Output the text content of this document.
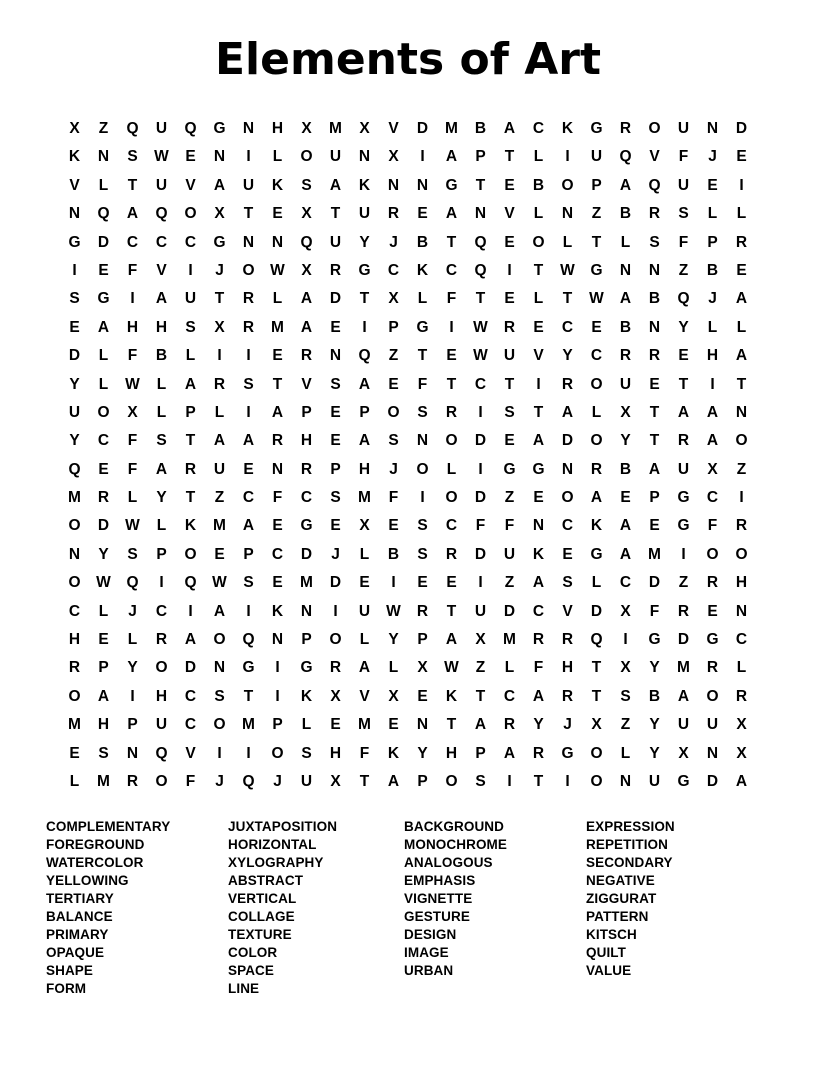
Elements of Art
X	Z	Q	U	Q	G	N	H	X	M	X	V	D	M	B	A	C	K	G	R	O	U	N	D
K	N	S	W	E	N	I	L	O	U	N	X	I	A	P	T	L	I	U	Q	V	F	J	E
V	L	T	U	V	A	U	K	S	A	K	N	N	G	T	E	B	O	P	A	Q	U	E	I
N	Q	A	Q	O	X	T	E	X	T	U	R	E	A	N	V	L	N	Z	B	R	S	L	L
G	D	C	C	C	G	N	N	Q	U	Y	J	B	T	Q	E	O	L	T	L	S	F	P	R
I	E	F	V	I	J	O	W	X	R	G	C	K	C	Q	I	T	W	G	N	N	Z	B	E
S	G	I	A	U	T	R	L	A	D	T	X	L	F	T	E	L	T	W	A	B	Q	J	A
E	A	H	H	S	X	R	M	A	E	I	P	G	I	W	R	E	C	E	B	N	Y	L	L
D	L	F	B	L	I	I	E	R	N	Q	Z	T	E	W	U	V	Y	C	R	R	E	H	A
Y	L	W	L	A	R	S	T	V	S	A	E	F	T	C	T	I	R	O	U	E	T	I	T
U	O	X	L	P	L	I	A	P	E	P	O	S	R	I	S	T	A	L	X	T	A	A	N
Y	C	F	S	T	A	A	R	H	E	A	S	N	O	D	E	A	D	O	Y	T	R	A	O
Q	E	F	A	R	U	E	N	R	P	H	J	O	L	I	G	G	N	R	B	A	U	X	Z
M	R	L	Y	T	Z	C	F	C	S	M	F	I	O	D	Z	E	O	A	E	P	G	C	I
O	D	W	L	K	M	A	E	G	E	X	E	S	C	F	F	N	C	K	A	E	G	F	R
N	Y	S	P	O	E	P	C	D	J	L	B	S	R	D	U	K	E	G	A	M	I	O	O
O	W	Q	I	Q	W	S	E	M	D	E	I	E	E	I	Z	A	S	L	C	D	Z	R	H
C	L	J	C	I	A	I	K	N	I	U	W	R	T	U	D	C	V	D	X	F	R	E	N
H	E	L	R	A	O	Q	N	P	O	L	Y	P	A	X	M	R	R	Q	I	G	D	G	C
R	P	Y	O	D	N	G	I	G	R	A	L	X	W	Z	L	F	H	T	X	Y	M	R	L
O	A	I	H	C	S	T	I	K	X	V	X	E	K	T	C	A	R	T	S	B	A	O	R
M	H	P	U	C	O	M	P	L	E	M	E	N	T	A	R	Y	J	X	Z	Y	U	U	X
E	S	N	Q	V	I	I	O	S	H	F	K	Y	H	P	A	R	G	O	L	Y	X	N	X
L	M	R	O	F	J	Q	J	U	X	T	A	P	O	S	I	T	I	O	N	U	G	D	A
COMPLEMENTARY
FOREGROUND
WATERCOLOR
YELLOWING
TERTIARY
BALANCE
PRIMARY
OPAQUE
SHAPE
FORM
JUXTAPOSITION
HORIZONTAL
XYLOGRAPHY
ABSTRACT
VERTICAL
COLLAGE
TEXTURE
COLOR
SPACE
LINE
BACKGROUND
MONOCHROME
ANALOGOUS
EMPHASIS
VIGNETTE
GESTURE
DESIGN
IMAGE
URBAN
EXPRESSION
REPETITION
SECONDARY
NEGATIVE
ZIGGURAT
PATTERN
KITSCH
QUILT
VALUE
